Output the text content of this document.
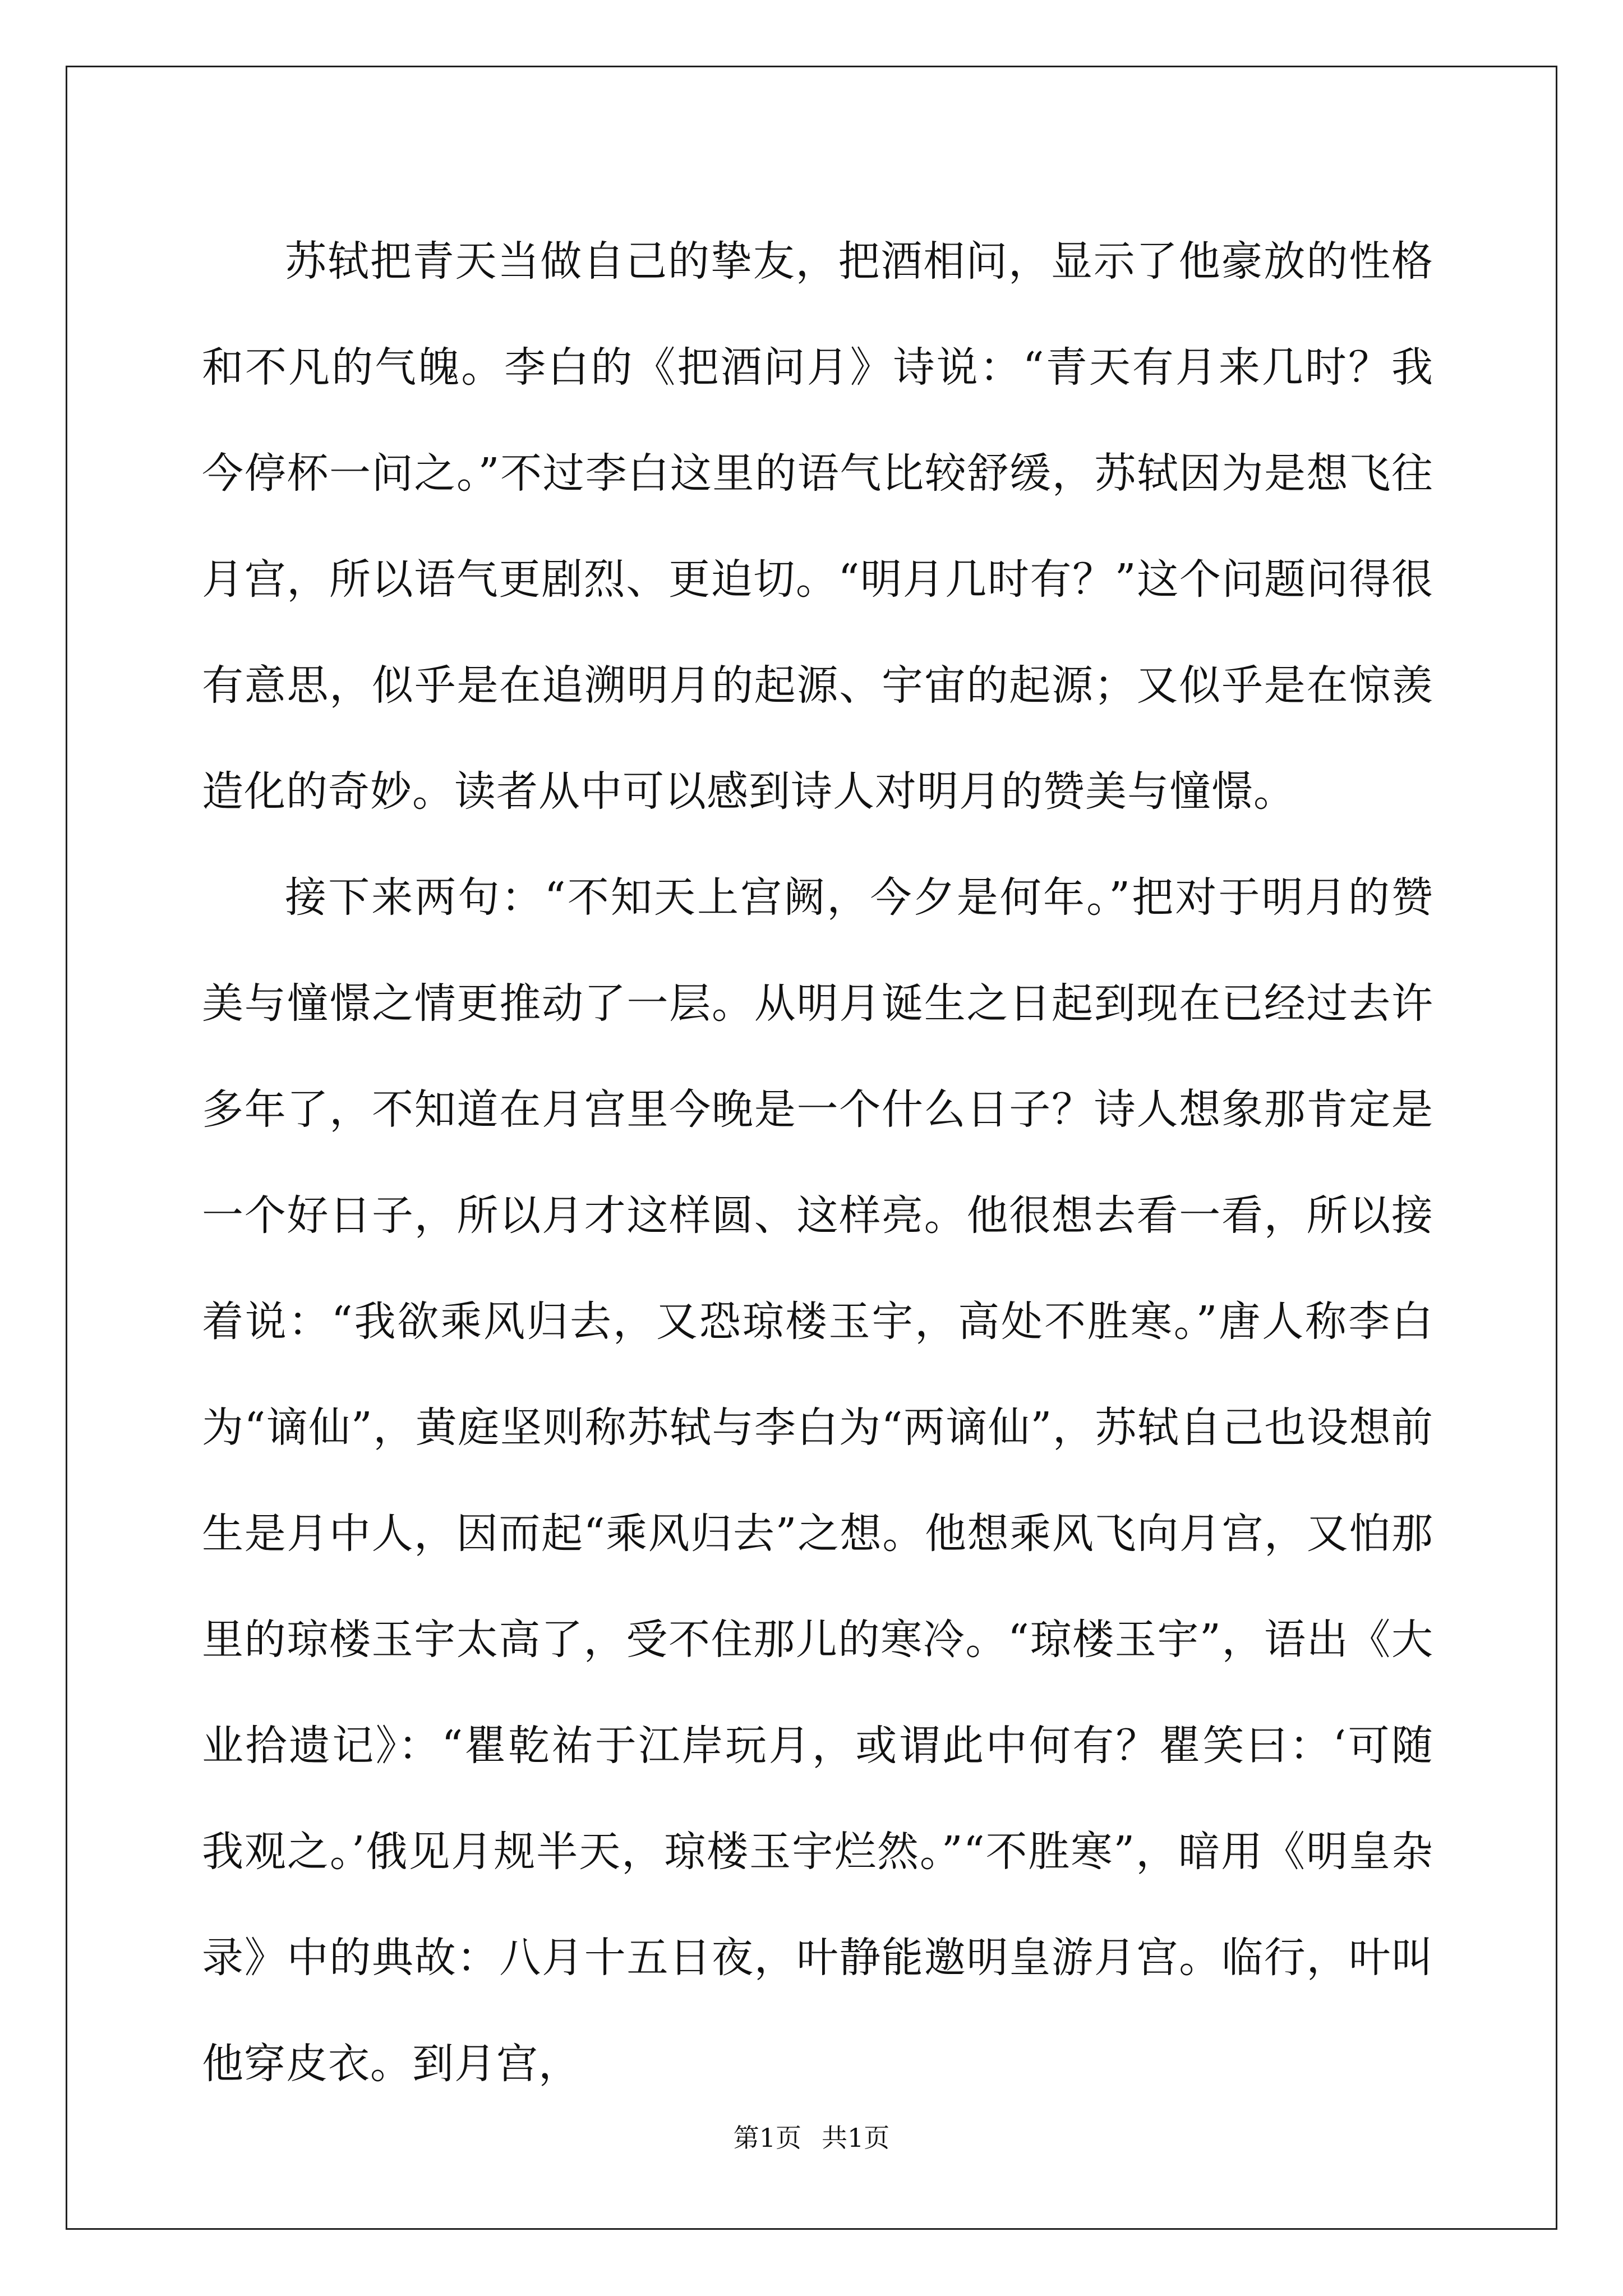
苏轼把青天当做自己的挚友，把酒相问，显示了他豪放的性格和不凡的气魄。李白的《把酒问月》诗说：“青天有月来几时？我今停杯一问之。”不过李白这里的语气比较舒缓，苏轼因为是想飞往月宫，所以语气更剧烈、更迫切。“明月几时有？”这个问题问得很有意思，似乎是在追溯明月的起源、宇宙的起源；又似乎是在惊羡造化的奇妙。读者从中可以感到诗人对明月的赞美与憧憬。

接下来两句：“不知天上宫阙，今夕是何年。”把对于明月的赞美与憧憬之情更推动了一层。从明月诞生之日起到现在已经过去许多年了，不知道在月宫里今晚是一个什么日子？诗人想象那肯定是一个好日子，所以月才这样圆、这样亮。他很想去看一看，所以接着说：“我欲乘风归去，又恐琼楼玉宇，高处不胜寒。”唐人称李白为“谪仙”，黄庭坚则称苏轼与李白为“两谪仙”，苏轼自己也设想前生是月中人，因而起“乘风归去”之想。他想乘风飞向月宫，又怕那里的琼楼玉宇太高了，受不住那儿的寒冷。“琼楼玉宇”，语出《大业拾遗记》：“瞿乾祐于江岸玩月，或谓此中何有？瞿笑曰：‘可随我观之。’俄见月规半天，琼楼玉宇烂然。”“不胜寒”，暗用《明皇杂录》中的典故：八月十五日夜，叶静能邀明皇游月宫。临行，叶叫他穿皮衣。到月宫，

第1页 共1页
